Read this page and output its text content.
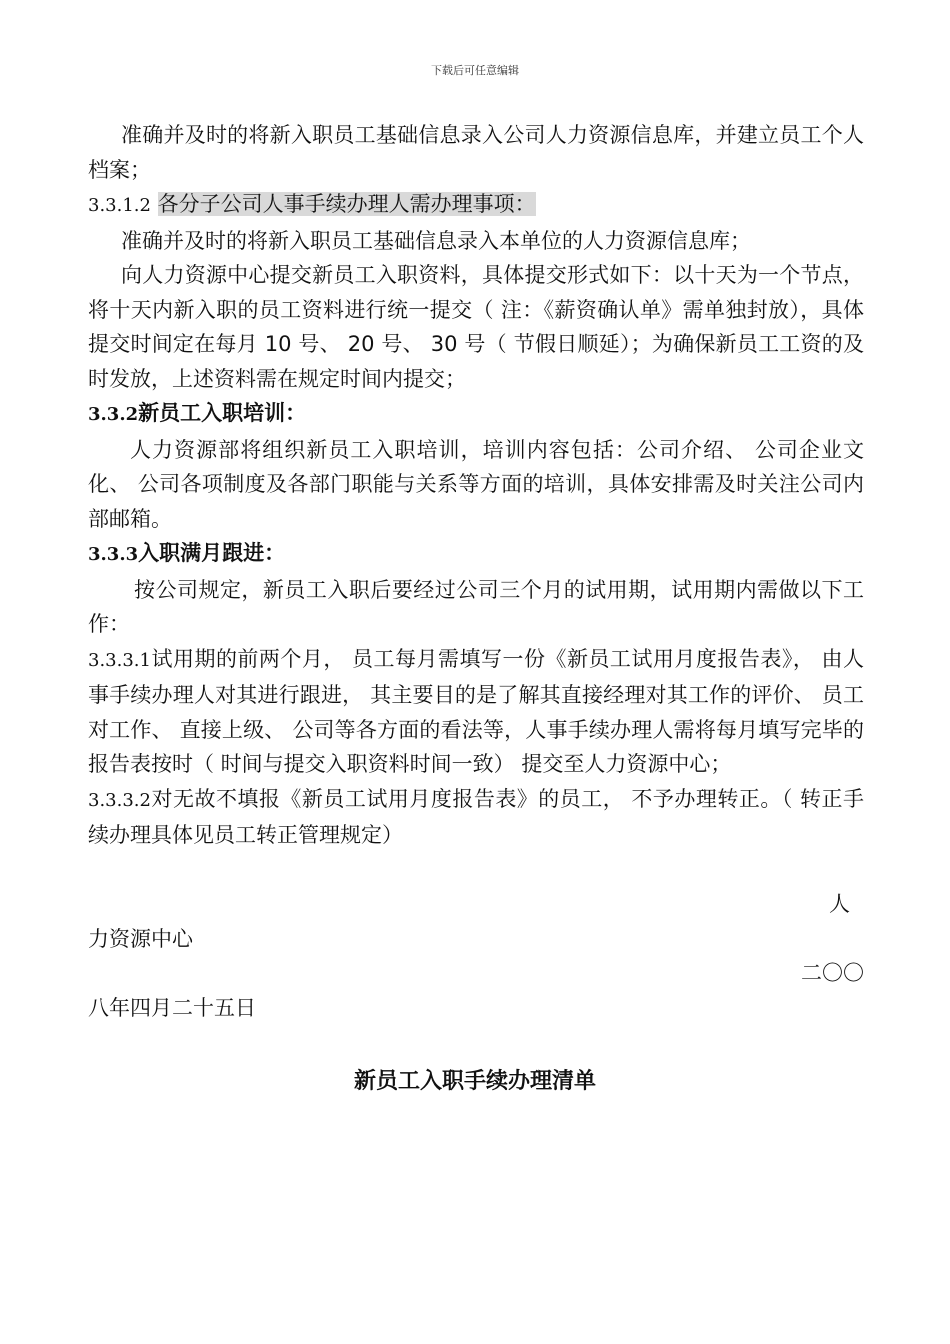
下载后可任意编辑

准确并及时的将新入职员工基础信息录入公司人力资源信息库，并建立员工个人档案；

3.3.1.2 各分子公司人事手续办理人需办理事项：

准确并及时的将新入职员工基础信息录入本单位的人力资源信息库；

向人力资源中心提交新员工入职资料，具体提交形式如下：以十天为一个节点，将十天内新入职的员工资料进行统一提交（ 注：《薪资确认单》需单独封放），具体提交时间定在每月 10 号、 20 号、 30 号（ 节假日顺延）；为确保新员工工资的及时发放，上述资料需在规定时间内提交；

3.3.2新员工入职培训：

人力资源部将组织新员工入职培训，培训内容包括：公司介绍、 公司企业文化、 公司各项制度及各部门职能与关系等方面的培训，具体安排需及时关注公司内部邮箱。

3.3.3入职满月跟进：

按公司规定，新员工入职后要经过公司三个月的试用期，试用期内需做以下工作：

3.3.3.1试用期的前两个月， 员工每月需填写一份《新员工试用月度报告表》， 由人事手续办理人对其进行跟进， 其主要目的是了解其直接经理对其工作的评价、 员工对工作、 直接上级、 公司等各方面的看法等，人事手续办理人需将每月填写完毕的报告表按时（ 时间与提交入职资料时间一致） 提交至人力资源中心；

3.3.3.2对无故不填报《新员工试用月度报告表》的员工， 不予办理转正。（ 转正手续办理具体见员工转正管理规定）

人

力资源中心

二〇〇

八年四月二十五日

新员工入职手续办理清单
